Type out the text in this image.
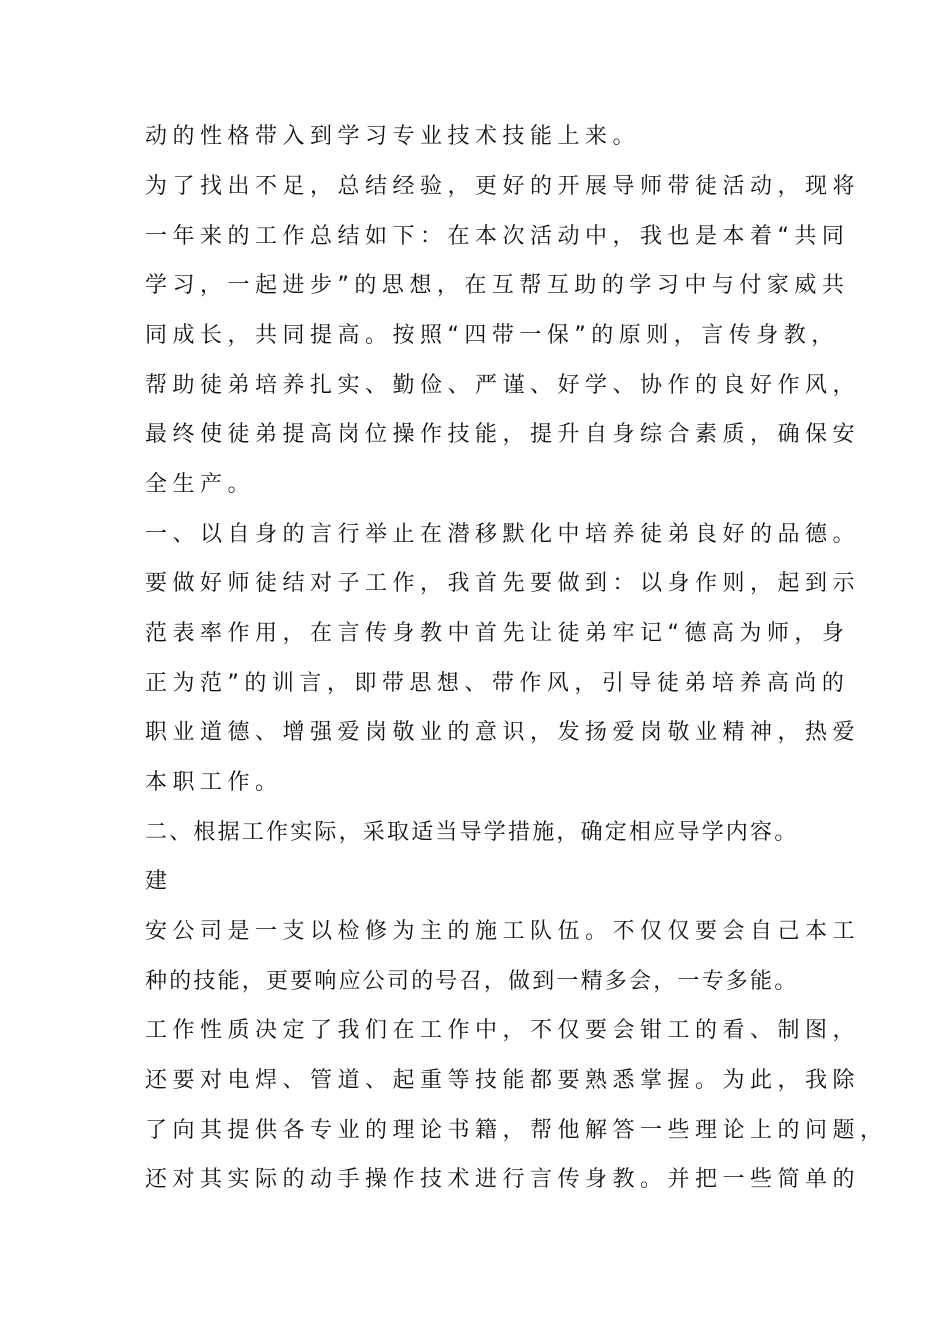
动的性格带入到学习专业技术技能上来。
为了找出不足，总结经验，更好的开展导师带徒活动，现将
一年来的工作总结如下：在本次活动中，我也是本着“共同
学习，一起进步”的思想，在互帮互助的学习中与付家威共
同成长，共同提高。按照“四带一保”的原则，言传身教，
帮助徒弟培养扎实、勤俭、严谨、好学、协作的良好作风，
最终使徒弟提高岗位操作技能，提升自身综合素质，确保安
全生产。
一、以自身的言行举止在潜移默化中培养徒弟良好的品德。
要做好师徒结对子工作，我首先要做到：以身作则，起到示
范表率作用，在言传身教中首先让徒弟牢记“德高为师，身
正为范”的训言，即带思想、带作风，引导徒弟培养高尚的
职业道德、增强爱岗敬业的意识，发扬爱岗敬业精神，热爱
本职工作。
二、根据工作实际，采取适当导学措施，确定相应导学内容。
建
安公司是一支以检修为主的施工队伍。不仅仅要会自己本工
种的技能，更要响应公司的号召，做到一精多会，一专多能。
工作性质决定了我们在工作中，不仅要会钳工的看、制图，
还要对电焊、管道、起重等技能都要熟悉掌握。为此，我除
了向其提供各专业的理论书籍，帮他解答一些理论上的问题，
还对其实际的动手操作技术进行言传身教。并把一些简单的
